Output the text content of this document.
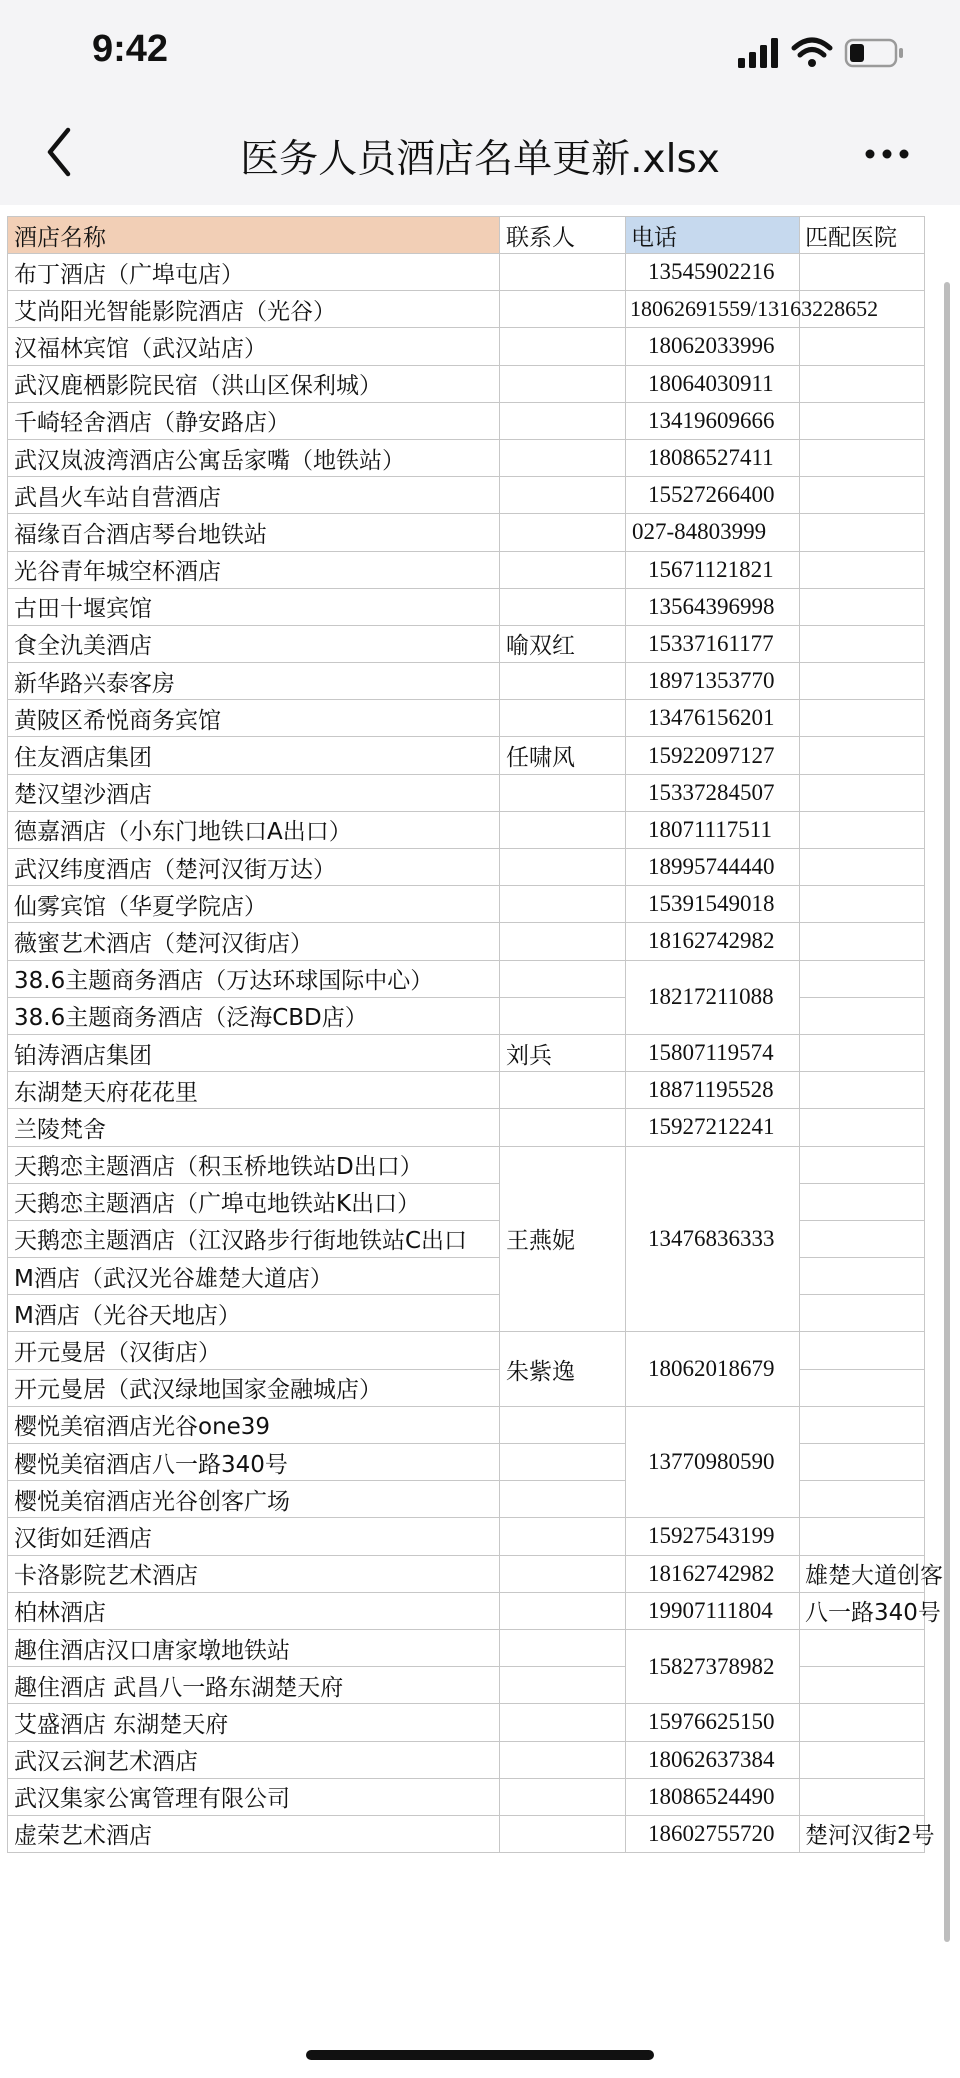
9:42
医务人员酒店名单更新.xlsx
酒店名称	联系人	电话	匹配医院
布丁酒店（广埠屯店）		13545902216	
艾尚阳光智能影院酒店（光谷）		18062691559/13163228652	
汉福林宾馆（武汉站店）		18062033996	
武汉鹿栖影院民宿（洪山区保利城）		18064030911	
千崎轻舍酒店（静安路店）		13419609666	
武汉岚波湾酒店公寓岳家嘴（地铁站）		18086527411	
武昌火车站自营酒店		15527266400	
福缘百合酒店琴台地铁站		027-84803999	
光谷青年城空杯酒店		15671121821	
古田十堰宾馆		13564396998	
食全氿美酒店	喻双红	15337161177	
新华路兴泰客房		18971353770	
黄陂区希悦商务宾馆		13476156201	
住友酒店集团	任啸风	15922097127	
楚汉望沙酒店		15337284507	
德嘉酒店（小东门地铁口A出口）		18071117511	
武汉纬度酒店（楚河汉街万达）		18995744440	
仙雾宾馆（华夏学院店）		15391549018	
薇蜜艺术酒店（楚河汉街店）		18162742982	
38.6主题商务酒店（万达环球国际中心）		18217211088	
38.6主题商务酒店（泛海CBD店）			
铂涛酒店集团	刘兵	15807119574	
东湖楚天府花花里		18871195528	
兰陵梵舍		15927212241	
天鹅恋主题酒店（积玉桥地铁站D出口）	王燕妮	13476836333	
天鹅恋主题酒店（广埠屯地铁站K出口）			
天鹅恋主题酒店（江汉路步行街地铁站C出口			
M酒店（武汉光谷雄楚大道店）			
M酒店（光谷天地店）			
开元曼居（汉街店）	朱紫逸	18062018679	
开元曼居（武汉绿地国家金融城店）			
樱悦美宿酒店光谷one39		13770980590	
樱悦美宿酒店八一路340号			
樱悦美宿酒店光谷创客广场			
汉街如廷酒店		15927543199	
卡洛影院艺术酒店		18162742982	雄楚大道创客
柏林酒店		19907111804	八一路340号
趣住酒店汉口唐家墩地铁站		15827378982	
趣住酒店 武昌八一路东湖楚天府			
艾盛酒店 东湖楚天府		15976625150	
武汉云涧艺术酒店		18062637384	
武汉集家公寓管理有限公司		18086524490	
虚荣艺术酒店		18602755720	楚河汉街2号
